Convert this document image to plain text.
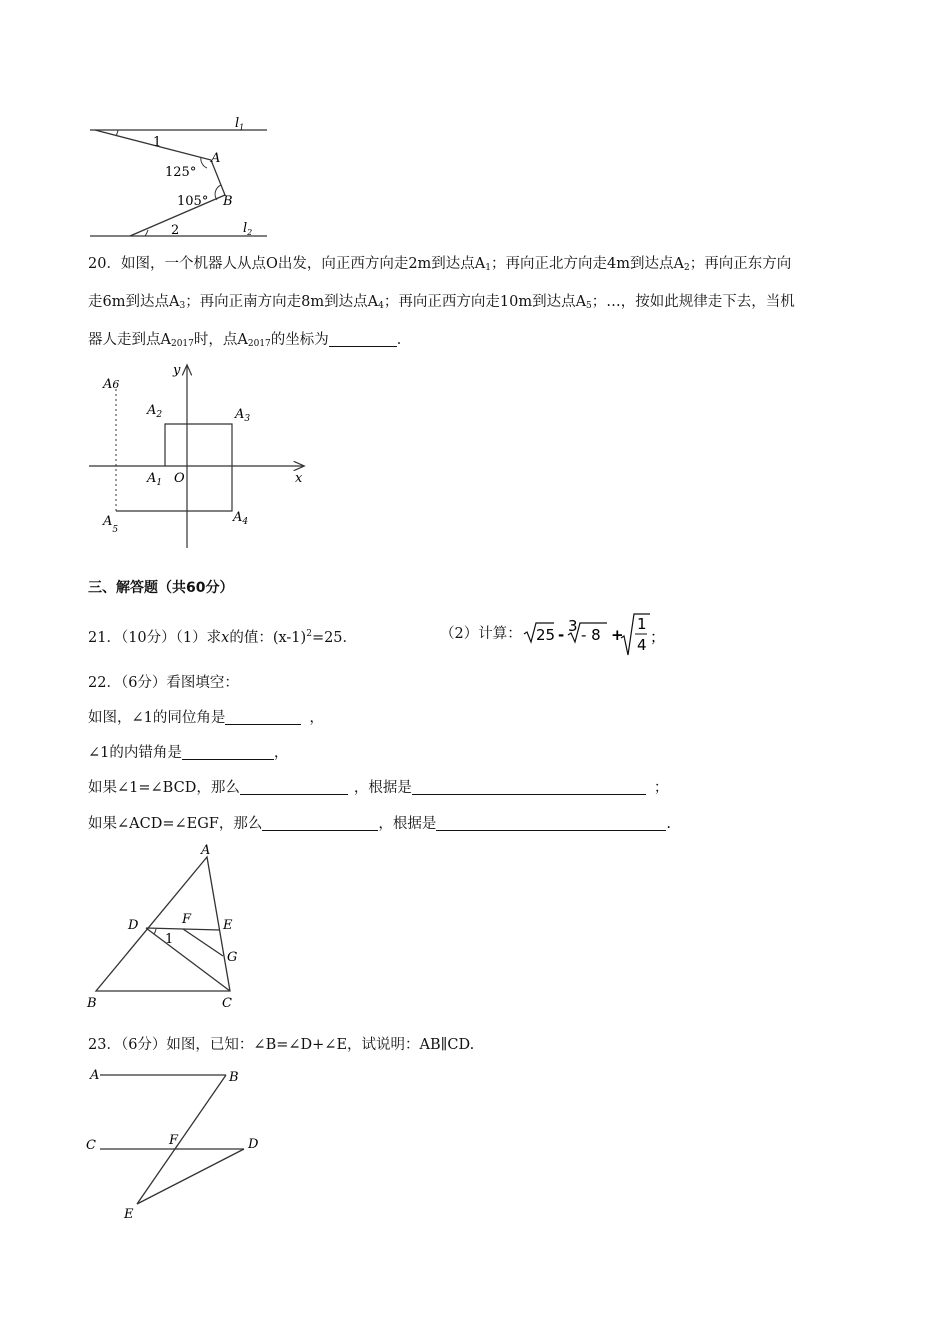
$l_1$
$l_2$
1
2
125°
105°
A
B
20．如图，一个机器人从点O出发，向正西方向走2m到达点$A_1$；再向正北方向走4m到达点$A_2$；再向正东方向
走6m到达点$A_3$；再向正南方向走8m到达点$A_4$；再向正西方向走10m到达点$A_5$；…，按如此规律走下去，当机
器人走到点$A_{2017}$时，点$A_{2017}$的坐标为	．
y
x
O
$A_1$
$A_2$	$A_3$
$A_4$
$A_5$
A6
三、解答题（共60分）
21．（10分）（1）求x的值：$(x-1)^2=25$．	（2）计算： 25 - 3 - 8 +
1
4 ；
22．（6分）看图填空：
如图，∠1的同位角是	，
∠1的内错角是	，
如果∠1=∠BCD，那么	，根据是	；
如果∠ACD=∠EGF，那么	，根据是	.
A
B	C
D	E
F
G
1
23．（6分）如图，已知：∠B=∠D+∠E，试说明：AB∥CD.
A	B
C	D
E
F
